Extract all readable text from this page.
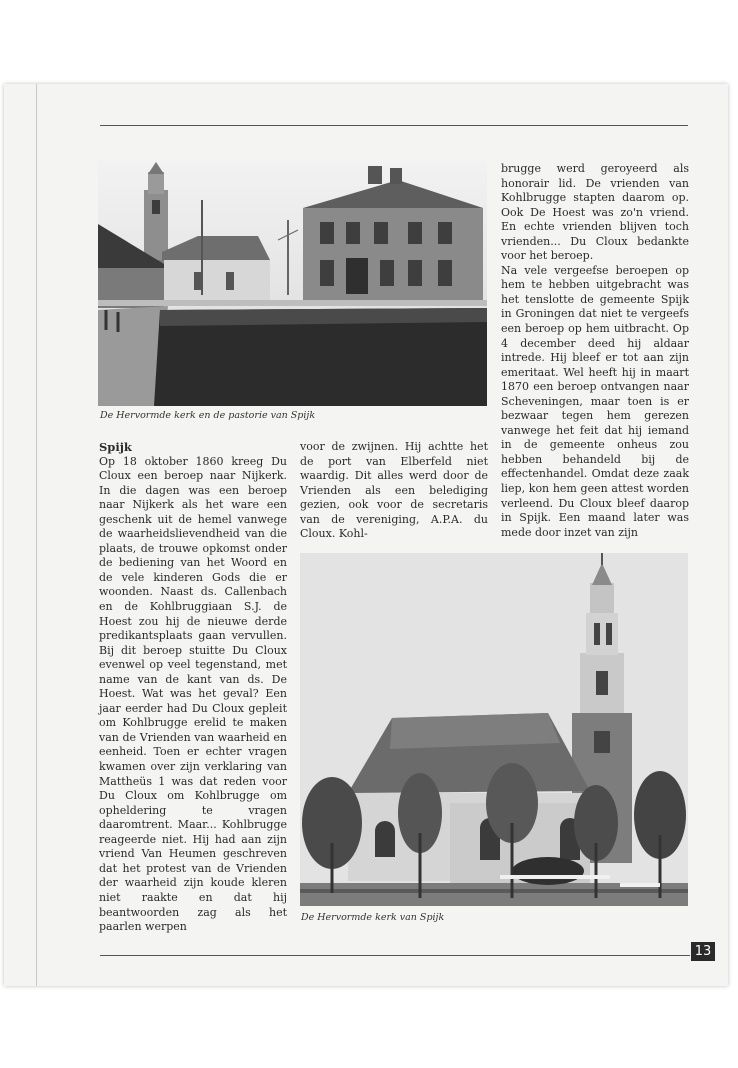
De Hervormde kerk en de pastorie van Spijk

Spijk

Op 18 oktober 1860 kreeg Du Cloux een beroep naar Nijkerk. In die dagen was een beroep naar Nijkerk als het ware een geschenk uit de hemel vanwege de waarheidslievendheid van die plaats, de trouwe opkomst onder de bediening van het Woord en de vele kinderen Gods die er woonden. Naast ds. Callenbach en de Kohlbruggiaan S.J. de Hoest zou hij de nieuwe derde predikantsplaats gaan vervullen. Bij dit beroep stuitte Du Cloux evenwel op veel tegenstand, met name van de kant van ds. De Hoest. Wat was het geval? Een jaar eerder had Du Cloux gepleit om Kohlbrugge erelid te maken van de Vrienden van waarheid en eenheid. Toen er echter vragen kwamen over zijn verklaring van Mattheüs 1 was dat reden voor Du Cloux om Kohlbrugge om opheldering te vragen daaromtrent. Maar... Kohlbrugge reageerde niet. Hij had aan zijn vriend Van Heumen geschreven dat het protest van de Vrienden der waarheid zijn koude kleren niet raakte en dat hij beantwoorden zag als het paarlen werpen

voor de zwijnen. Hij achtte het de port van Elberfeld niet waardig. Dit alles werd door de Vrienden als een belediging gezien, ook voor de secretaris van de vereniging, A.P.A. du Cloux. Kohl-

brugge werd geroyeerd als honorair lid. De vrienden van Kohlbrugge stapten daarom op. Ook De Hoest was zo'n vriend. En echte vrienden blijven toch vrienden... Du Cloux bedankte voor het beroep.

Na vele vergeefse beroepen op hem te hebben uitgebracht was het tenslotte de gemeente Spijk in Groningen dat niet te vergeefs een beroep op hem uitbracht. Op 4 december deed hij aldaar intrede. Hij bleef er tot aan zijn emeritaat. Wel heeft hij in maart 1870 een beroep ontvangen naar Scheveningen, maar toen is er bezwaar tegen hem gerezen vanwege het feit dat hij iemand in de gemeente onheus zou hebben behandeld bij de effectenhandel. Omdat deze zaak liep, kon hem geen attest worden verleend. Du Cloux bleef daarop in Spijk. Een maand later was mede door inzet van zijn

De Hervormde kerk van Spijk
13
